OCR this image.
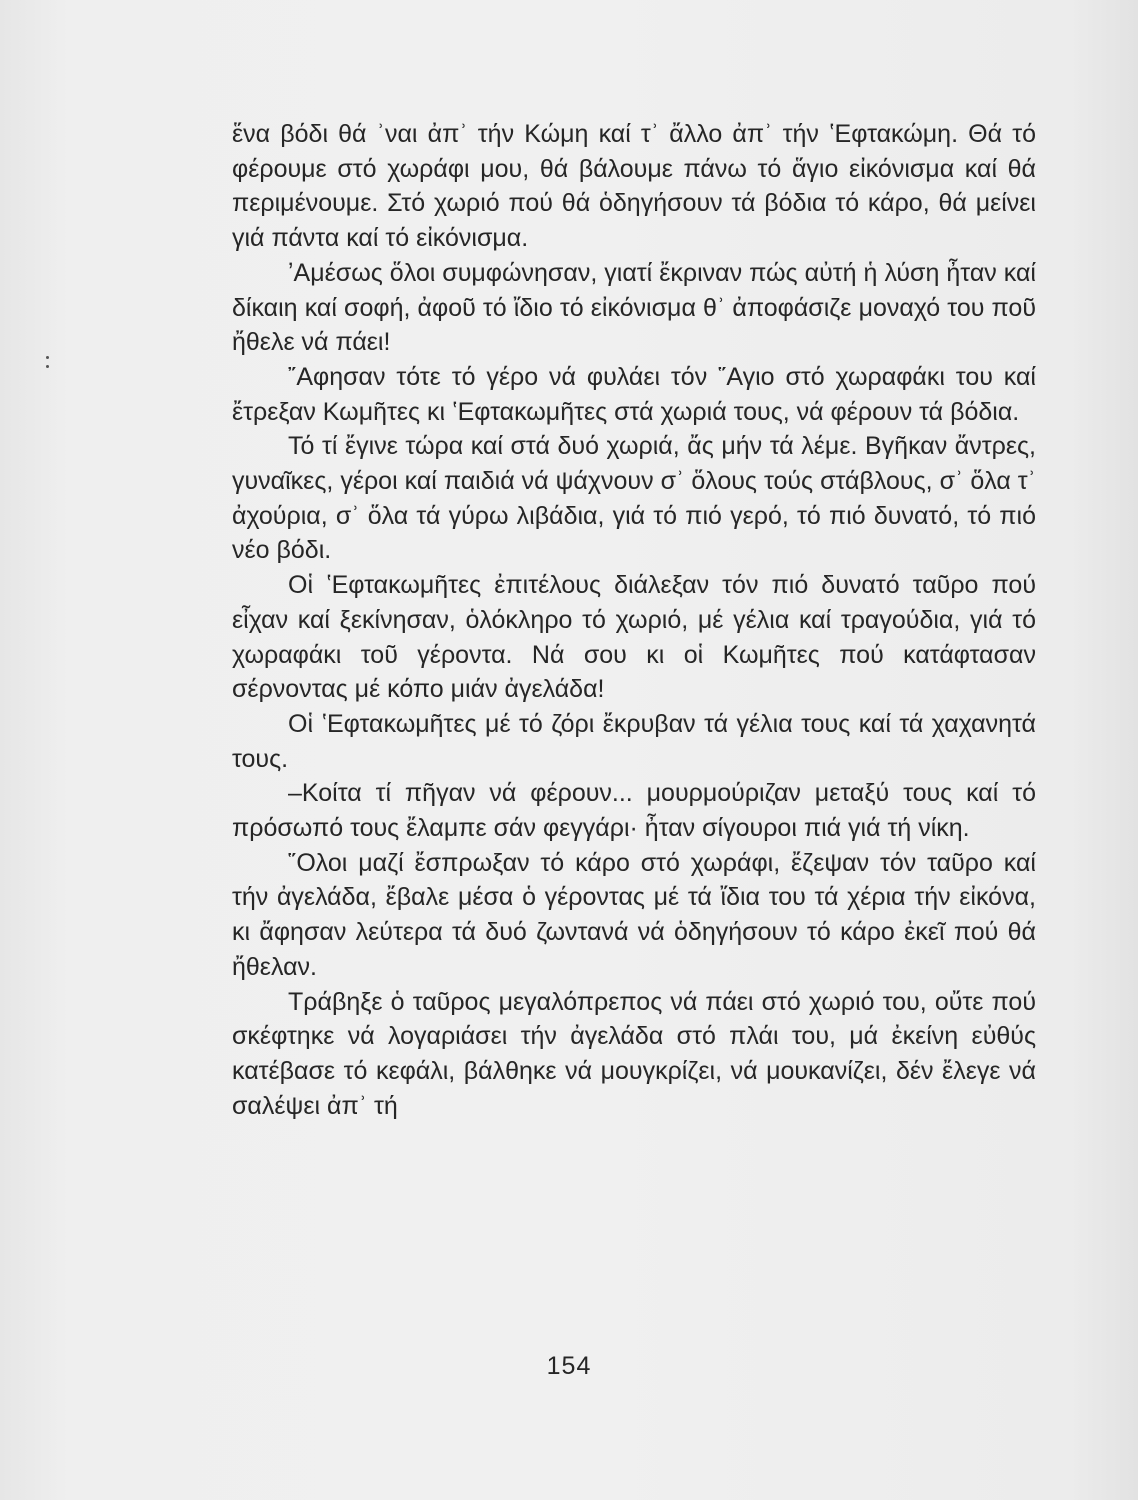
ἕνα βόδι θά ʾναι ἀπʾ τήν Κώμη καί τʾ ἄλλο ἀπʾ τήν ʽΕφτακώμη. Θά τό φέρουμε στό χωράφι μου, θά βάλουμε πάνω τό ἅγιο εἰκόνισμα καί θά περιμένουμε. Στό χωριό πού θά ὁδηγήσουν τά βόδια τό κάρο, θά μείνει γιά πάντα καί τό εἰκόνισμα.

ʼΑμέσως ὅλοι συμφώνησαν, γιατί ἔκριναν πώς αὐτή ἡ λύση ἦταν καί δίκαιη καί σοφή, ἀφοῦ τό ἴδιο τό εἰκόνισμα θʾ ἀποφάσιζε μοναχό του ποῦ ἤθελε νά πάει!

῎Αφησαν τότε τό γέρο νά φυλάει τόν ῞Αγιο στό χωραφάκι του καί ἔτρεξαν Κωμῆτες κι ʽΕφτακωμῆτες στά χωριά τους, νά φέρουν τά βόδια.

Τό τί ἔγινε τώρα καί στά δυό χωριά, ἄς μήν τά λέμε. Βγῆκαν ἄντρες, γυναῖκες, γέροι καί παιδιά νά ψάχνουν σʾ ὅλους τούς στάβλους, σʾ ὅλα τʾ ἀχούρια, σʾ ὅλα τά γύρω λιβάδια, γιά τό πιό γερό, τό πιό δυνατό, τό πιό νέο βόδι.

Οἱ ʽΕφτακωμῆτες ἐπιτέλους διάλεξαν τόν πιό δυνατό ταῦρο πού εἶχαν καί ξεκίνησαν, ὁλόκληρο τό χωριό, μέ γέλια καί τραγούδια, γιά τό χωραφάκι τοῦ γέροντα. Νά σου κι οἱ Κωμῆτες πού κατάφτασαν σέρνοντας μέ κόπο μιάν ἀγελάδα!

Οἱ ʽΕφτακωμῆτες μέ τό ζόρι ἔκρυβαν τά γέλια τους καί τά χαχανητά τους.

–Κοίτα τί πῆγαν νά φέρουν... μουρμούριζαν μεταξύ τους καί τό πρόσωπό τους ἔλαμπε σάν φεγγάρι· ἦταν σίγουροι πιά γιά τή νίκη.

῞Ολοι μαζί ἔσπρωξαν τό κάρο στό χωράφι, ἔζεψαν τόν ταῦρο καί τήν ἀγελάδα, ἔβαλε μέσα ὁ γέροντας μέ τά ἴδια του τά χέρια τήν εἰκόνα, κι ἄφησαν λεύτερα τά δυό ζωντανά νά ὁδηγήσουν τό κάρο ἐκεῖ πού θά ἤθελαν.

Τράβηξε ὁ ταῦρος μεγαλόπρεπος νά πάει στό χωριό του, οὔτε πού σκέφτηκε νά λογαριάσει τήν ἀγελάδα στό πλάι του, μά ἐκείνη εὐθύς κατέβασε τό κεφάλι, βάλθηκε νά μουγκρίζει, νά μουκανίζει, δέν ἔλεγε νά σαλέψει ἀπʾ τή

154
